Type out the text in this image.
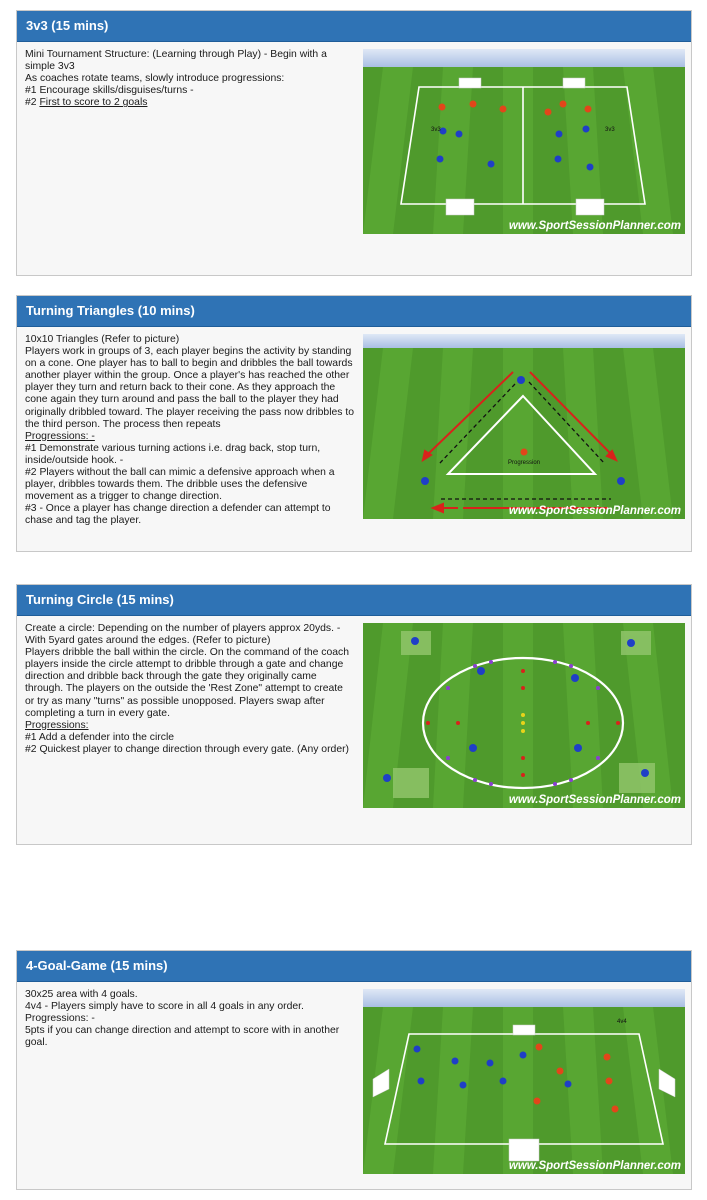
3v3 (15 mins)
Mini Tournament Structure: (Learning through Play) - Begin with a simple 3v3
As coaches rotate teams, slowly introduce progressions:
#1 Encourage skills/disguises/turns -
#2 First to score to 2 goals
3v3	3v3
www.SportSessionPlanner.com
Turning Triangles (10 mins)
10x10 Triangles (Refer to picture)
Players work in groups of 3, each player begins the activity by standing on a cone. One player has to ball to begin and dribbles the ball towards another player within the group. Once a player's has reached the other player they turn and return back to their cone. As they approach the cone again they turn around and pass the ball to the player they had originally dribbled toward. The player receiving the pass now dribbles to the third person. The process then repeats
Progressions: -
#1 Demonstrate various turning actions i.e. drag back, stop turn, inside/outside hook. -
#2 Players without the ball can mimic a defensive approach when a player, dribbles towards them. The dribble uses the defensive movement as a trigger to change direction.
#3 - Once a player has change direction a defender can attempt to chase and tag the player.
Progression
www.SportSessionPlanner.com
Turning Circle (15 mins)
Create a circle: Depending on the number of players approx 20yds. - With 5yard gates around the edges. (Refer to picture)
Players dribble the ball within the circle. On the command of the coach players inside the circle attempt to dribble through a gate and change direction and dribble back through the gate they originally came through. The players on the outside the 'Rest Zone" attempt to create or try as many "turns" as possible unopposed. Players swap after completing a turn in every gate.
Progressions:
#1 Add a defender into the circle
#2 Quickest player to change direction through every gate. (Any order)
www.SportSessionPlanner.com
4-Goal-Game (15 mins)
30x25 area with 4 goals.
4v4 - Players simply have to score in all 4 goals in any order.
Progressions: -
5pts if you can change direction and attempt to score with in another goal.
4v4
www.SportSessionPlanner.com
